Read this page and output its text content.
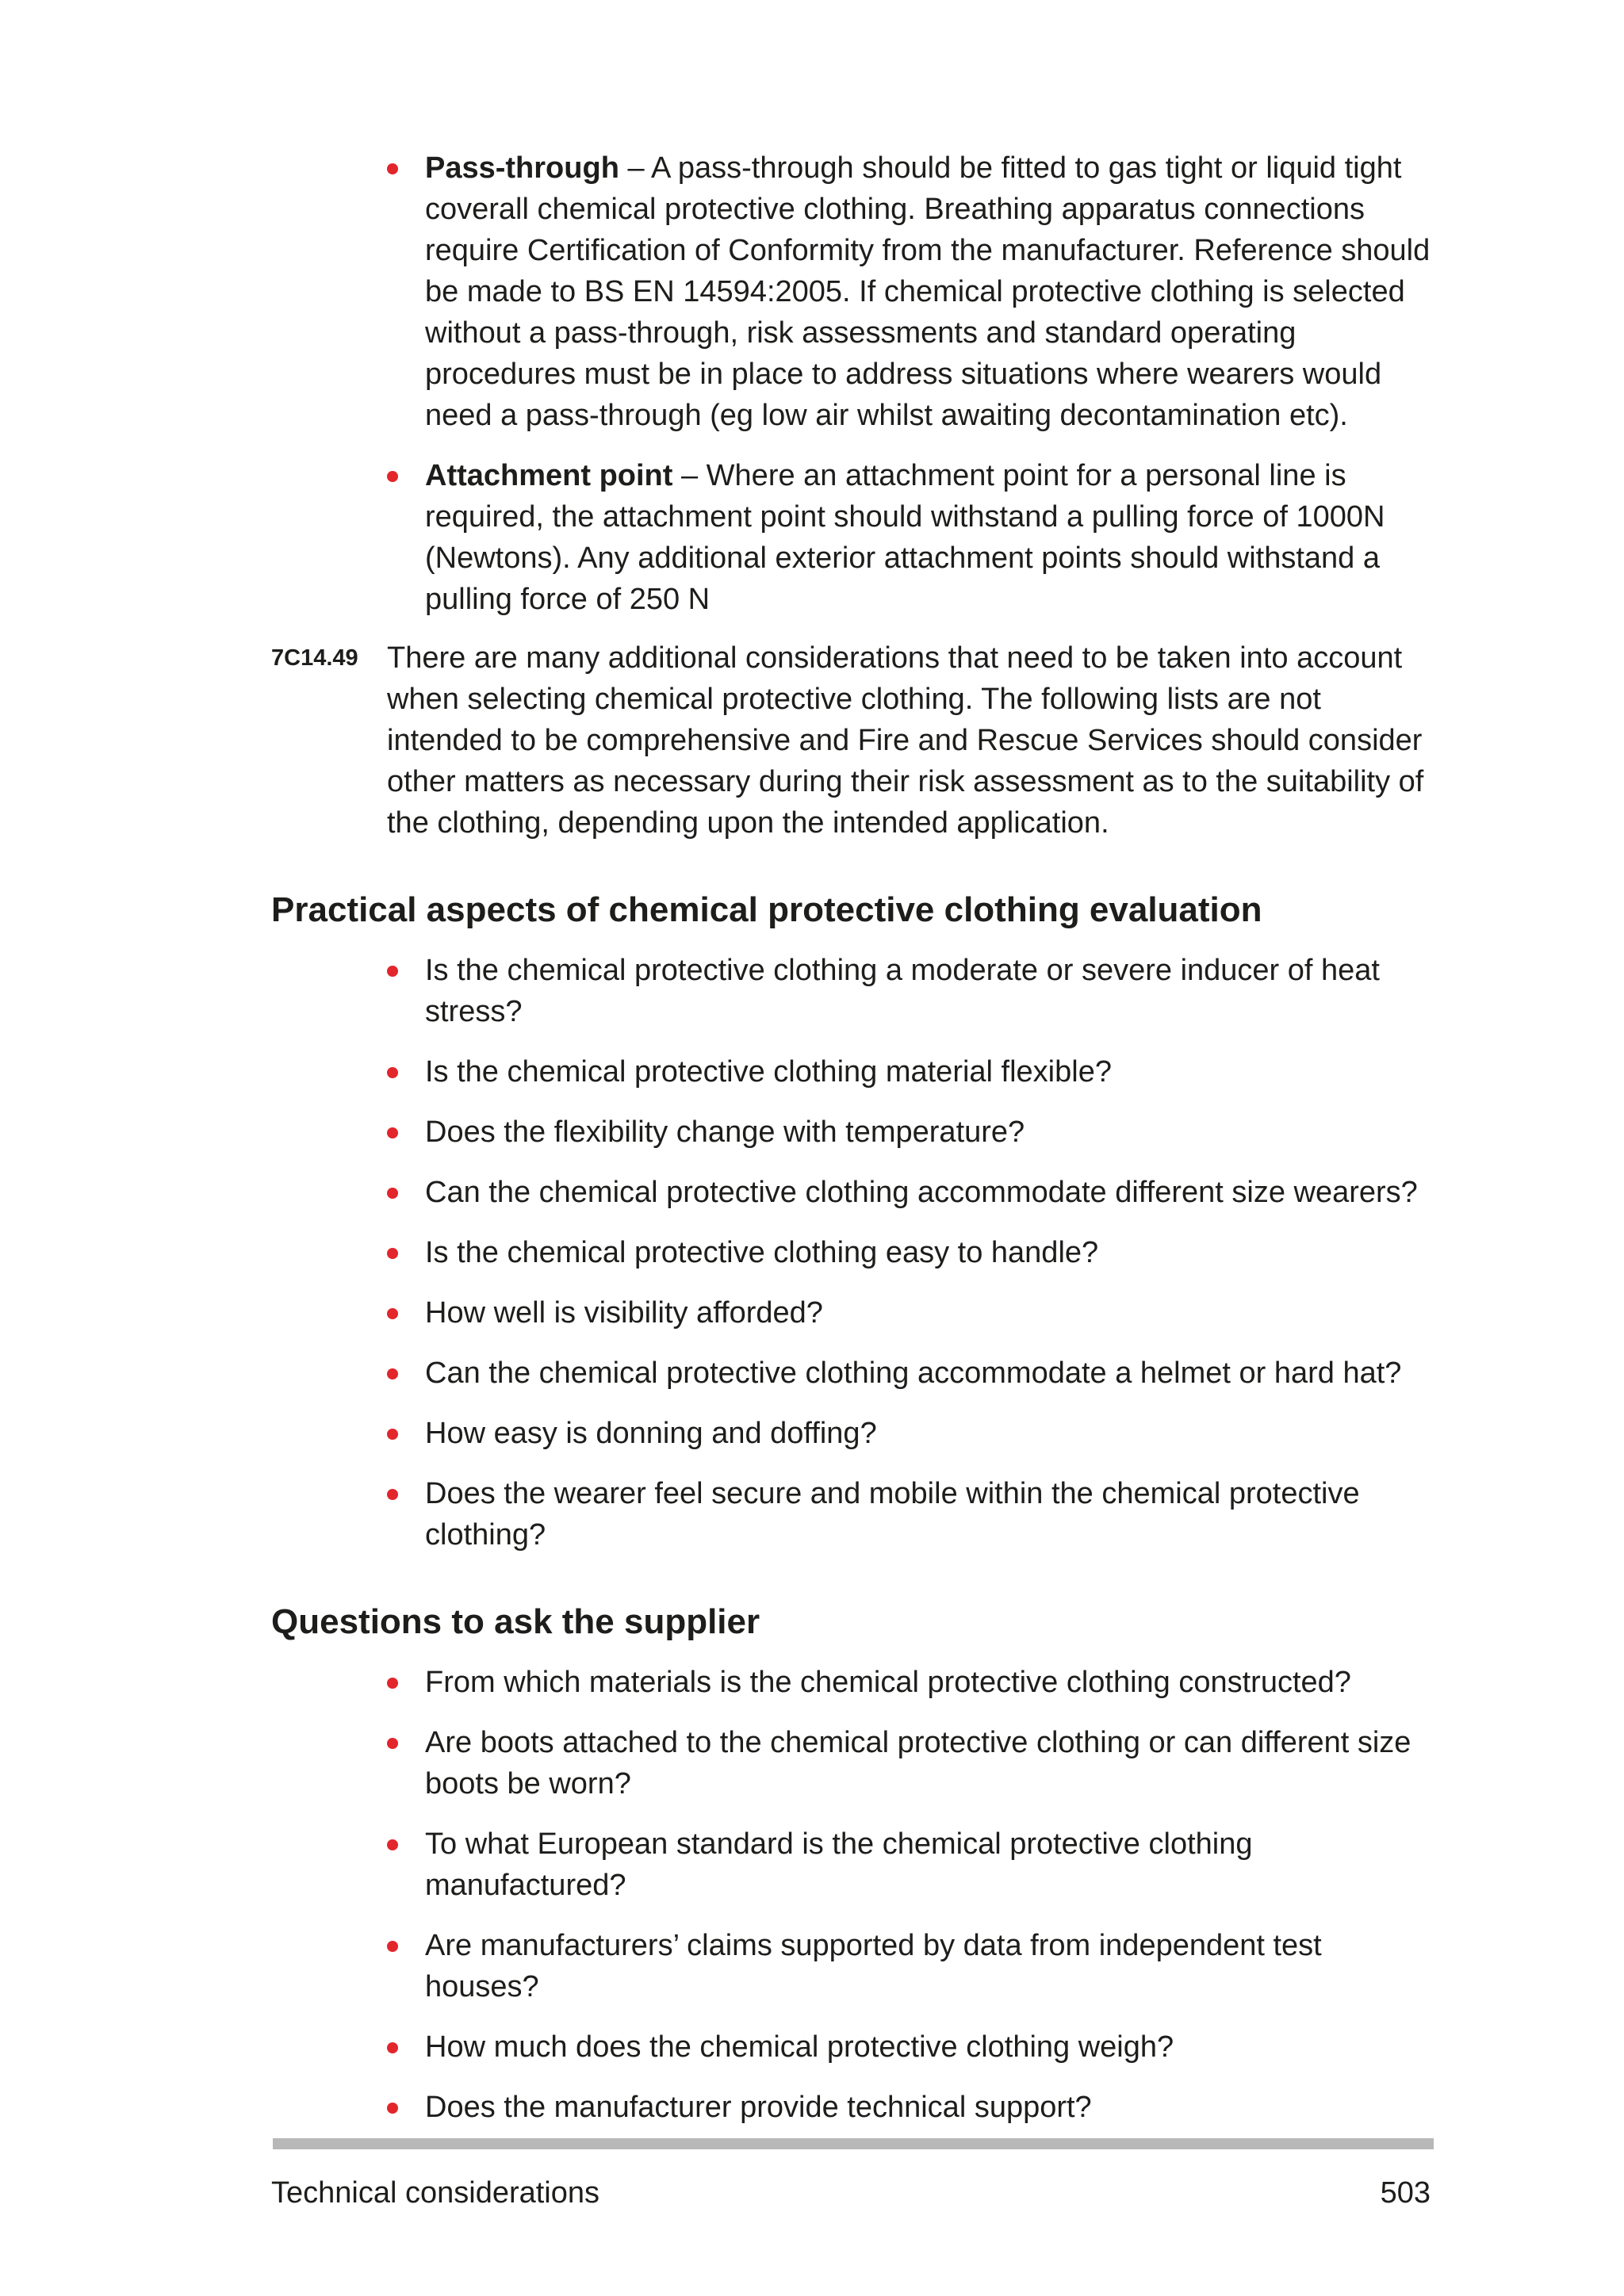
Pass-through – A pass-through should be fitted to gas tight or liquid tight coverall chemical protective clothing. Breathing apparatus connections require Certification of Conformity from the manufacturer. Reference should be made to BS EN 14594:2005. If chemical protective clothing is selected without a pass-through, risk assessments and standard operating procedures must be in place to address situations where wearers would need a pass-through (eg low air whilst awaiting decontamination etc).
Attachment point – Where an attachment point for a personal line is required, the attachment point should withstand a pulling force of 1000N (Newtons). Any additional exterior attachment points should withstand a pulling force of 250 N
7C14.49 There are many additional considerations that need to be taken into account when selecting chemical protective clothing. The following lists are not intended to be comprehensive and Fire and Rescue Services should consider other matters as necessary during their risk assessment as to the suitability of the clothing, depending upon the intended application.

Practical aspects of chemical protective clothing evaluation
Is the chemical protective clothing a moderate or severe inducer of heat stress?
Is the chemical protective clothing material flexible?
Does the flexibility change with temperature?
Can the chemical protective clothing accommodate different size wearers?
Is the chemical protective clothing easy to handle?
How well is visibility afforded?
Can the chemical protective clothing accommodate a helmet or hard hat?
How easy is donning and doffing?
Does the wearer feel secure and mobile within the chemical protective clothing?
Questions to ask the supplier
From which materials is the chemical protective clothing constructed?
Are boots attached to the chemical protective clothing or can different size boots be worn?
To what European standard is the chemical protective clothing manufactured?
Are manufacturers’ claims supported by data from independent test houses?
How much does the chemical protective clothing weigh?
Does the manufacturer provide technical support?
Technical considerations	503
